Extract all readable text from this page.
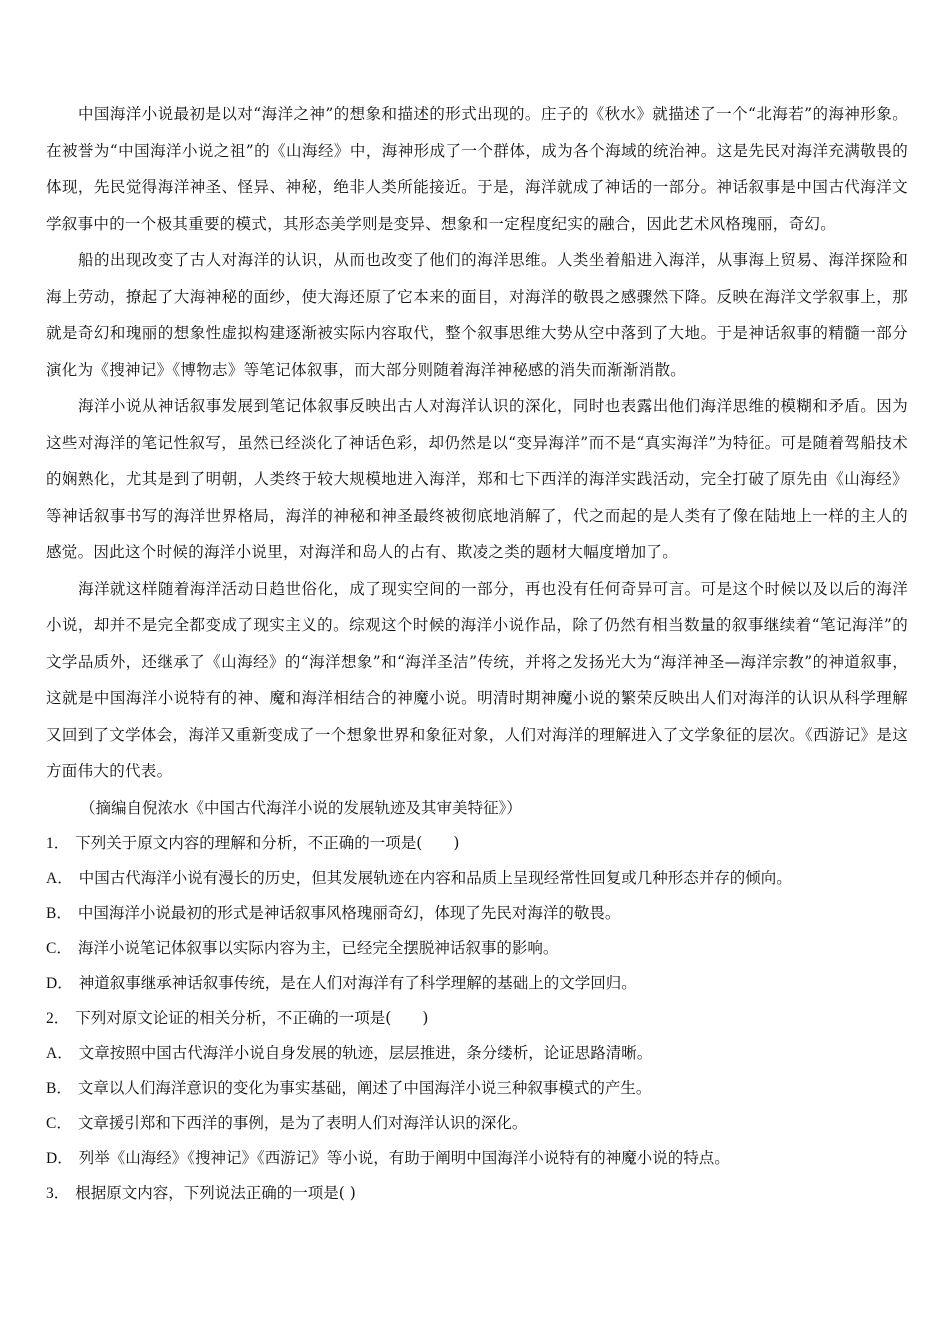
中国海洋小说最初是以对“海洋之神”的想象和描述的形式出现的。庄子的《秋水》就描述了一个“北海若”的海神形象。在被誉为“中国海洋小说之祖”的《山海经》中，海神形成了一个群体，成为各个海域的统治神。这是先民对海洋充满敬畏的体现，先民觉得海洋神圣、怪异、神秘，绝非人类所能接近。于是，海洋就成了神话的一部分。神话叙事是中国古代海洋文学叙事中的一个极其重要的模式，其形态美学则是变异、想象和一定程度纪实的融合，因此艺术风格瑰丽，奇幻。

船的出现改变了古人对海洋的认识，从而也改变了他们的海洋思维。人类坐着船进入海洋，从事海上贸易、海洋探险和海上劳动，撩起了大海神秘的面纱，使大海还原了它本来的面目，对海洋的敬畏之感骤然下降。反映在海洋文学叙事上，那就是奇幻和瑰丽的想象性虚拟构建逐渐被实际内容取代，整个叙事思维大势从空中落到了大地。于是神话叙事的精髓一部分演化为《搜神记》《博物志》等笔记体叙事，而大部分则随着海洋神秘感的消失而渐渐消散。

海洋小说从神话叙事发展到笔记体叙事反映出古人对海洋认识的深化，同时也表露出他们海洋思维的模糊和矛盾。因为这些对海洋的笔记性叙写，虽然已经淡化了神话色彩，却仍然是以“变异海洋”而不是“真实海洋”为特征。可是随着驾船技术的娴熟化，尤其是到了明朝，人类终于较大规模地进入海洋，郑和七下西洋的海洋实践活动，完全打破了原先由《山海经》等神话叙事书写的海洋世界格局，海洋的神秘和神圣最终被彻底地消解了，代之而起的是人类有了像在陆地上一样的主人的感觉。因此这个时候的海洋小说里，对海洋和岛人的占有、欺凌之类的题材大幅度增加了。

海洋就这样随着海洋活动日趋世俗化，成了现实空间的一部分，再也没有任何奇异可言。可是这个时候以及以后的海洋小说，却并不是完全都变成了现实主义的。综观这个时候的海洋小说作品，除了仍然有相当数量的叙事继续着“笔记海洋”的文学品质外，还继承了《山海经》的“海洋想象”和“海洋圣洁”传统，并将之发扬光大为“海洋神圣—海洋宗教”的神道叙事，这就是中国海洋小说特有的神、魔和海洋相结合的神魔小说。明清时期神魔小说的繁荣反映出人们对海洋的认识从科学理解又回到了文学体会，海洋又重新变成了一个想象世界和象征对象，人们对海洋的理解进入了文学象征的层次。《西游记》是这方面伟大的代表。

（摘编自倪浓水《中国古代海洋小说的发展轨迹及其审美特征》）

1． 下列关于原文内容的理解和分析，不正确的一项是(　　)

A． 中国古代海洋小说有漫长的历史，但其发展轨迹在内容和品质上呈现经常性回复或几种形态并存的倾向。

B． 中国海洋小说最初的形式是神话叙事风格瑰丽奇幻，体现了先民对海洋的敬畏。

C． 海洋小说笔记体叙事以实际内容为主，已经完全摆脱神话叙事的影响。

D． 神道叙事继承神话叙事传统，是在人们对海洋有了科学理解的基础上的文学回归。

2． 下列对原文论证的相关分析，不正确的一项是(　　)

A． 文章按照中国古代海洋小说自身发展的轨迹，层层推进，条分缕析，论证思路清晰。

B． 文章以人们海洋意识的变化为事实基础，阐述了中国海洋小说三种叙事模式的产生。

C． 文章援引郑和下西洋的事例，是为了表明人们对海洋认识的深化。

D． 列举《山海经》《搜神记》《西游记》等小说，有助于阐明中国海洋小说特有的神魔小说的特点。

3． 根据原文内容，下列说法正确的一项是( )
